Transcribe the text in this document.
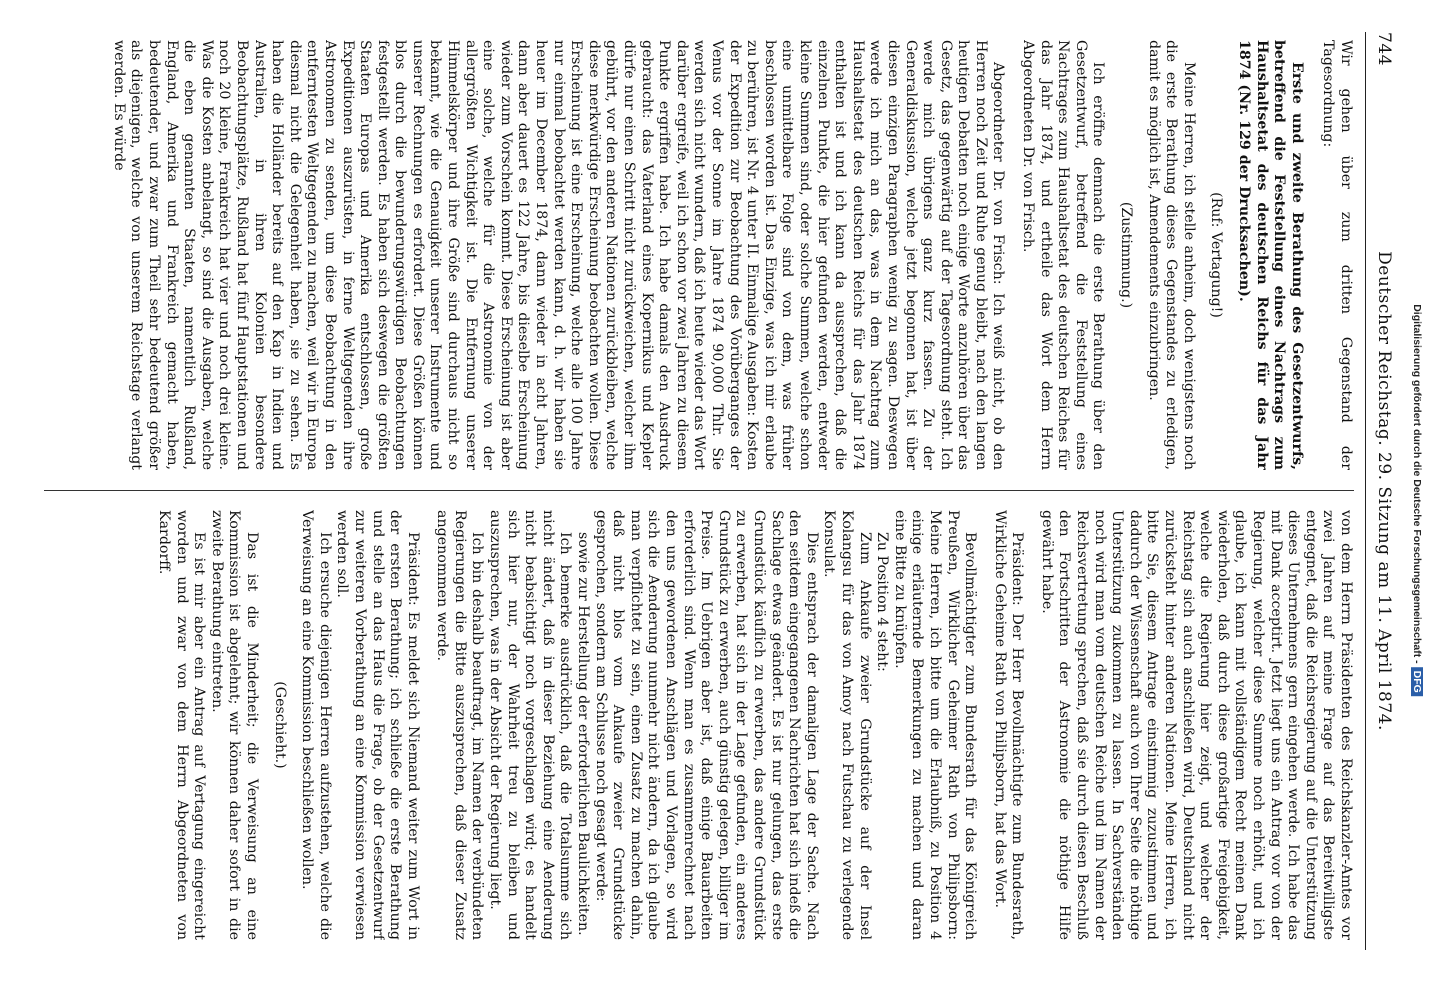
744
Deutscher Reichstag. 29. Sitzung am 11. April 1874.

Wir gehen über zum dritten Gegenstand der Tagesordnung:

Erste und zweite Berathung des Gesetzentwurfs, betreffend die Feststellung eines Nachtrags zum Haushaltsetat des deutschen Reichs für das Jahr 1874 (Nr. 129 der Drucksachen).

(Ruf: Vertagung!)

Meine Herren, ich stelle anheim, doch wenigstens noch die erste Berathung dieses Gegenstandes zu erledigen, damit es möglich ist, Amendements einzubringen.

(Zustimmung.)

Ich eröffne demnach die erste Berathung über den Gesetzentwurf, betreffend die Feststellung eines Nachtrages zum Haushaltsetat des deutschen Reiches für das Jahr 1874, und ertheile das Wort dem Herrn Abgeordneten Dr. von Frisch.

Abgeordneter Dr. von Frisch: Ich weiß nicht, ob den Herren noch Zeit und Ruhe genug bleibt, nach den langen heutigen Debatten noch einige Worte anzuhören über das Gesetz, das gegenwärtig auf der Tagesordnung steht. Ich werde mich übrigens ganz kurz fassen. Zu der Generaldiskussion, welche jetzt begonnen hat, ist über diesen einzigen Paragraphen wenig zu sagen. Deswegen werde ich mich an das, was in dem Nachtrag zum Haushaltsetat des deutschen Reichs für das Jahr 1874 enthalten ist und ich kann da aussprechen, daß die einzelnen Punkte, die hier gefunden werden, entweder kleine Summen sind, oder solche Summen, welche schon eine unmittelbare Folge sind von dem, was früher beschlossen worden ist. Das Einzige, was ich mir erlaube zu berühren, ist Nr. 4 unter II. Einmalige Ausgaben: Kosten der Expedition zur Beobachtung des Vorüberganges der Venus vor der Sonne im Jahre 1874 90,000 Thlr. Sie werden sich nicht wundern, daß ich heute wieder das Wort darüber ergreife, weil ich schon vor zwei Jahren zu diesem Punkte ergriffen habe. Ich habe damals den Ausdruck gebraucht: das Vaterland eines Kopernikus und Kepler dürfe nur einen Schritt nicht zurückweichen, welcher ihm gebührt, vor den anderen Nationen zurückbleiben, welche diese merkwürdige Erscheinung beobachten wollen. Diese Erscheinung ist eine Erscheinung, welche alle 100 Jahre nur einmal beobachtet werden kann, d. h. wir haben sie heuer im December 1874, dann wieder in acht Jahren, dann aber dauert es 122 Jahre, bis dieselbe Erscheinung wieder zum Vorschein kommt. Diese Erscheinung ist aber eine solche, welche für die Astronomie von der allergrößten Wichtigkeit ist. Die Entfernung unserer Himmelskörper und ihre Größe sind durchaus nicht so bekannt, wie die Genauigkeit unserer Instrumente und unserer Rechnungen es erfordert. Diese Größen können blos durch die bewunderungswürdigen Beobachtungen festgestellt werden. Es haben sich deswegen die größten Staaten Europas und Amerika entschlossen, große Expeditionen auszurüsten, in ferne Weltgegenden ihre Astronomen zu senden, um diese Beobachtung in den entferntesten Weltgegenden zu machen, weil wir in Europa diesmal nicht die Gelegenheit haben, sie zu sehen. Es haben die Holländer bereits auf den Kap in Indien und Australien, in ihren Kolonien besondere Beobachtungsplätze, Rußland hat fünf Hauptstationen und noch 20 kleine, Frankreich hat vier und noch drei kleine. Was die Kosten anbelangt, so sind die Ausgaben, welche die eben genannten Staaten, namentlich Rußland, England, Amerika und Frankreich gemacht haben, bedeutender, und zwar zum Theil sehr bedeutend größer als diejenigen, welche von unserem Reichstage verlangt werden. Es würde

von dem Herrn Präsidenten des Reichskanzler-Amtes vor zwei Jahren auf meine Frage auf das Bereitwilligste entgegnet, daß die Reichsregierung auf die Unterstützung dieses Unternehmens gern eingehen werde. Ich habe das mit Dank acceptirt. Jetzt liegt uns ein Antrag vor von der Regierung, welcher diese Summe noch erhöht, und ich glaube, ich kann mit vollständigem Recht meinen Dank wiederholen, daß durch diese großartige Freigebigkeit, welche die Regierung hier zeigt, und welcher der Reichstag sich auch anschließen wird, Deutschland nicht zurücksteht hinter anderen Nationen. Meine Herren, ich bitte Sie, diesem Antrage einstimmig zuzustimmen und dadurch der Wissenschaft auch von Ihrer Seite die nöthige Unterstützung zukommen zu lassen. In Sachverständen noch wird man vom deutschen Reiche und im Namen der Reichsvertretung sprechen, daß sie durch diesen Beschluß den Fortschritten der Astronomie die nöthige Hilfe gewährt habe.

Präsident: Der Herr Bevollmächtigte zum Bundesrath, Wirkliche Geheime Rath von Philipsborn, hat das Wort.

Bevollmächtigter zum Bundesrath für das Königreich Preußen, Wirklicher Geheimer Rath von Philipsborn: Meine Herren, ich bitte um die Erlaubniß, zu Position 4 einige erläuternde Bemerkungen zu machen und daran eine Bitte zu knüpfen.

Zu Position 4 steht:

Zum Ankaufe zweier Grundstücke auf der Insel Kolangsu für das von Amoy nach Futschau zu verlegende Konsulat.

Dies entsprach der damaligen Lage der Sache. Nach den seitdem eingegangenen Nachrichten hat sich indeß die Sachlage etwas geändert. Es ist nur gelungen, das erste Grundstück käuflich zu erwerben, das andere Grundstück zu erwerben, hat sich in der Lage gefunden, ein anderes Grundstück zu erwerben, auch günstig gelegen, billiger im Preise. Im Uebrigen aber ist, daß einige Bauarbeiten erforderlich sind. Wenn man es zusammenrechnet nach den uns gewordenen Anschlägen und Vorlagen, so wird sich die Aenderung nunmehr nicht ändern, da ich glaube man verpflichtet zu sein, einen Zusatz zu machen dahin, daß nicht blos vom Ankaufe zweier Grundstücke gesprochen, sondern am Schlusse noch gesagt werde:

sowie zur Herstellung der erforderlichen Baulichkeiten.

Ich bemerke ausdrücklich, daß die Totalsumme sich nicht ändert, daß in dieser Beziehung eine Aenderung nicht beabsichtigt noch vorgeschlagen wird; es handelt sich hier nur, der Wahrheit treu zu bleiben und auszusprechen, was in der Absicht der Regierung liegt.

Ich bin deshalb beauftragt, im Namen der verbündeten Regierungen die Bitte auszusprechen, daß dieser Zusatz angenommen werde.

Präsident: Es meldet sich Niemand weiter zum Wort in der ersten Berathung; ich schließe die erste Berathung und stelle an das Haus die Frage, ob der Gesetzentwurf zur weiteren Vorberathung an eine Kommission verwiesen werden soll.

Ich ersuche diejenigen Herren aufzustehen, welche die Verweisung an eine Kommission beschließen wollen.

(Geschieht.)

Das ist die Minderheit; die Verweisung an eine Kommission ist abgelehnt; wir können daher sofort in die zweite Berathung eintreten.

Es ist mir aber ein Antrag auf Vertagung eingereicht worden und zwar von dem Herrn Abgeordneten von Kardorff.	Digitalisierung gefördert durch die Deutsche Forschungsgemeinschaft -DFG
